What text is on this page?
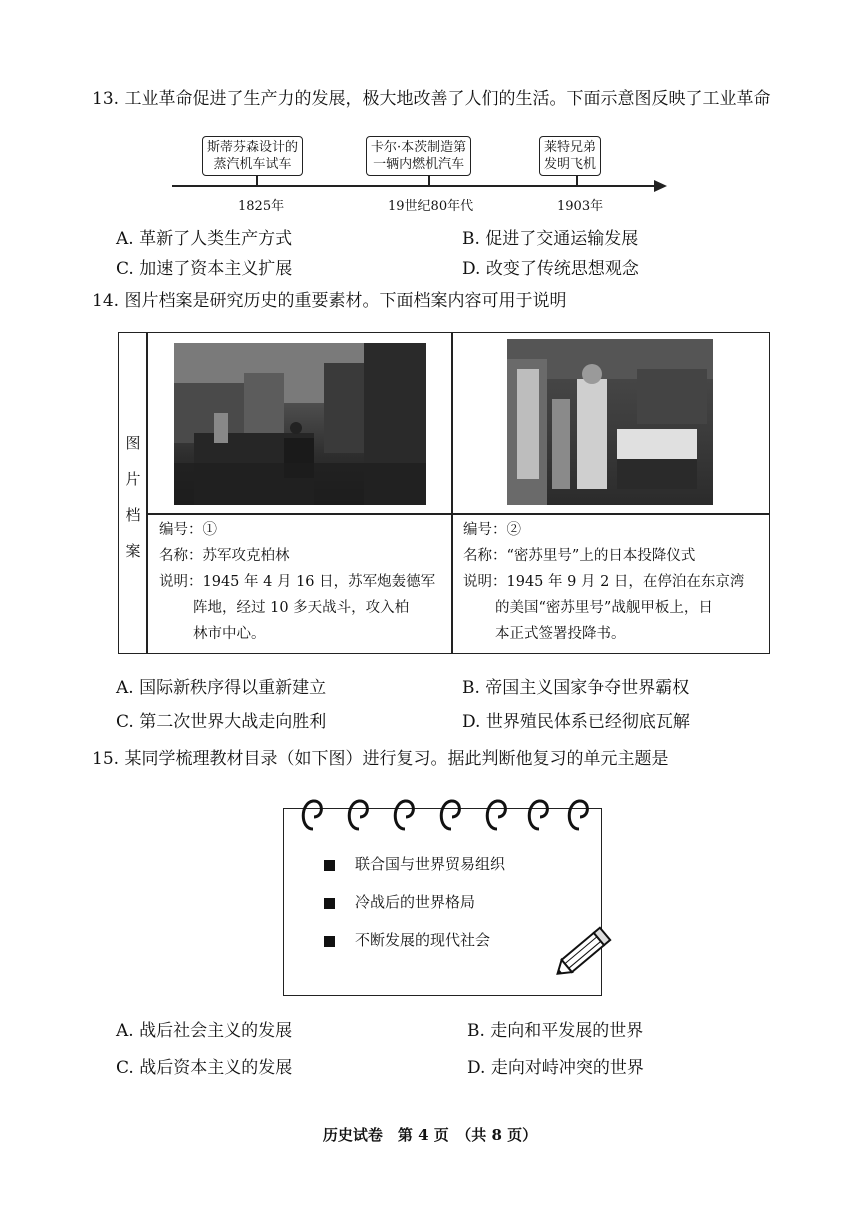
13. 工业革命促进了生产力的发展，极大地改善了人们的生活。下面示意图反映了工业革命
斯蒂芬森设计的
蒸汽机车试车
卡尔·本茨制造第
一辆内燃机汽车
莱特兄弟
发明飞机
1825年	19世纪80年代	1903年
A. 革新了人类生产方式	B. 促进了交通运输发展
C. 加速了资本主义扩展	D. 改变了传统思想观念
14. 图片档案是研究历史的重要素材。下面档案内容可用于说明
图
片
档
案
编号：①
名称：苏军攻克柏林
说明：1945 年 4 月 16 日，苏军炮轰德军
阵地，经过 10 多天战斗，攻入柏
林市中心。
编号：②
名称：“密苏里号”上的日本投降仪式
说明：1945 年 9 月 2 日，在停泊在东京湾
的美国“密苏里号”战舰甲板上，日
本正式签署投降书。
A. 国际新秩序得以重新建立	B. 帝国主义国家争夺世界霸权
C. 第二次世界大战走向胜利	D. 世界殖民体系已经彻底瓦解
15. 某同学梳理教材目录（如下图）进行复习。据此判断他复习的单元主题是
联合国与世界贸易组织
冷战后的世界格局
不断发展的现代社会
A. 战后社会主义的发展	B. 走向和平发展的世界
C. 战后资本主义的发展	D. 走向对峙冲突的世界
历史试卷　第 4 页　（共 8 页）
